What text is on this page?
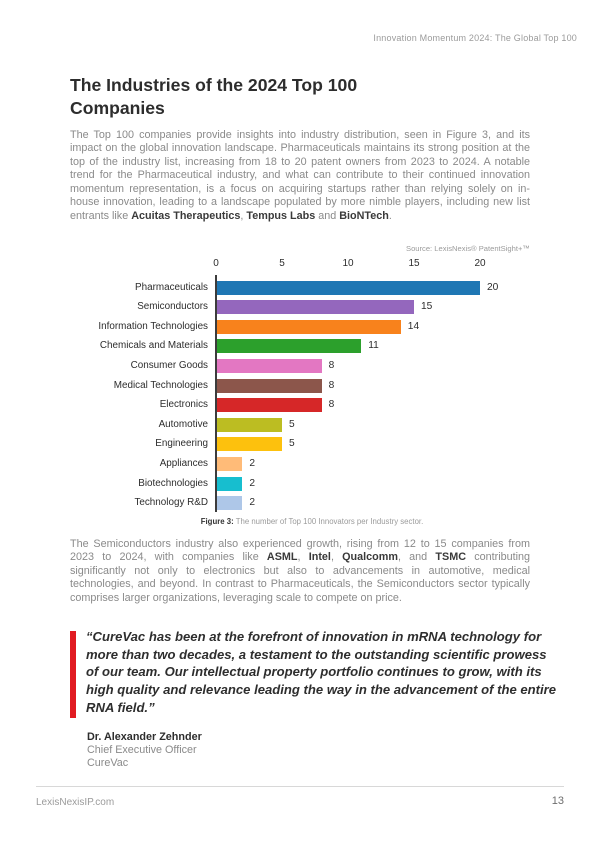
Innovation Momentum 2024: The Global Top 100
The Industries of the 2024 Top 100
Companies
The Top 100 companies provide insights into industry distribution, seen in Figure 3, and its impact on the global innovation landscape. Pharmaceuticals maintains its strong position at the top of the industry list, increasing from 18 to 20 patent owners from 2023 to 2024. A notable trend for the Pharmaceutical industry, and what can contribute to their continued innovation momentum representation, is a focus on acquiring startups rather than relying solely on in-house innovation, leading to a landscape populated by more nimble players, including new list entrants like Acuitas Therapeutics, Tempus Labs and BioNTech.
Source: LexisNexis® PatentSight+™
0	5	10	15	20
Pharmaceuticals	20
Semiconductors	15
Information Technologies	14
Chemicals and Materials	11
Consumer Goods	8
Medical Technologies	8
Electronics	8
Automotive	5
Engineering	5
Appliances	2
Biotechnologies	2
Technology R&D	2
Figure 3: The number of Top 100 Innovators per Industry sector.
The Semiconductors industry also experienced growth, rising from 12 to 15 companies from 2023 to 2024, with companies like ASML, Intel, Qualcomm, and TSMC contributing significantly not only to electronics but also to advancements in automotive, medical technologies, and beyond. In contrast to Pharmaceuticals, the Semiconductors sector typically comprises larger organizations, leveraging scale to compete on price.
“CureVac has been at the forefront of innovation in mRNA technology for more than two decades, a testament to the outstanding scientific prowess of our team. Our intellectual property portfolio continues to grow, with its high quality and relevance leading the way in the advancement of the entire RNA field.”
Dr. Alexander Zehnder
Chief Executive Officer
CureVac
LexisNexisIP.com	13
